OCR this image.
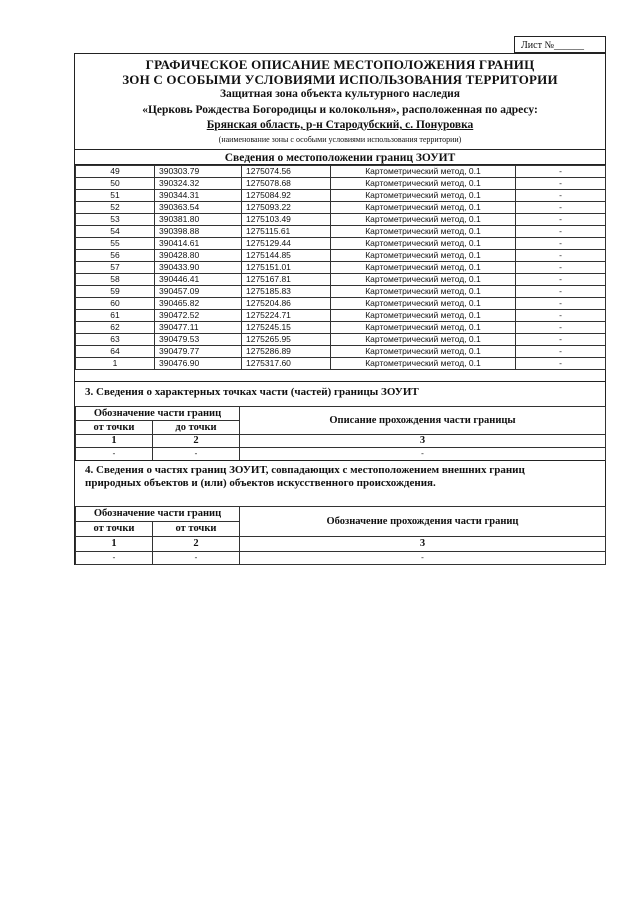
Лист №______
ГРАФИЧЕСКОЕ ОПИСАНИЕ МЕСТОПОЛОЖЕНИЯ ГРАНИЦ
ЗОН С ОСОБЫМИ УСЛОВИЯМИ ИСПОЛЬЗОВАНИЯ ТЕРРИТОРИИ
Защитная зона объекта культурного наследия
«Церковь Рождества Богородицы и колокольня», расположенная по адресу:
Брянская область, р-н Стародубский, с. Понуровка
(наименование зоны с особыми условиями использования территории)
Сведения о местоположении границ ЗОУИТ
49	390303.79	1275074.56	Картометрический метод, 0.1	-
50	390324.32	1275078.68	Картометрический метод, 0.1	-
51	390344.31	1275084.92	Картометрический метод, 0.1	-
52	390363.54	1275093.22	Картометрический метод, 0.1	-
53	390381.80	1275103.49	Картометрический метод, 0.1	-
54	390398.88	1275115.61	Картометрический метод, 0.1	-
55	390414.61	1275129.44	Картометрический метод, 0.1	-
56	390428.80	1275144.85	Картометрический метод, 0.1	-
57	390433.90	1275151.01	Картометрический метод, 0.1	-
58	390446.41	1275167.81	Картометрический метод, 0.1	-
59	390457.09	1275185.83	Картометрический метод, 0.1	-
60	390465.82	1275204.86	Картометрический метод, 0.1	-
61	390472.52	1275224.71	Картометрический метод, 0.1	-
62	390477.11	1275245.15	Картометрический метод, 0.1	-
63	390479.53	1275265.95	Картометрический метод, 0.1	-
64	390479.77	1275286.89	Картометрический метод, 0.1	-
1	390476.90	1275317.60	Картометрический метод, 0.1	-
3. Сведения о характерных точках части (частей) границы ЗОУИТ
Обозначение части границ		Описание прохождения части границы
от точки	до точки	
1	2	3
-	-	-
4. Сведения о частях границ ЗОУИТ, совпадающих с местоположением внешних границ
природных объектов и (или) объектов искусственного происхождения.
Обозначение части границ		Обозначение прохождения части границ
от точки	от точки	
1	2	3
-	-	-
